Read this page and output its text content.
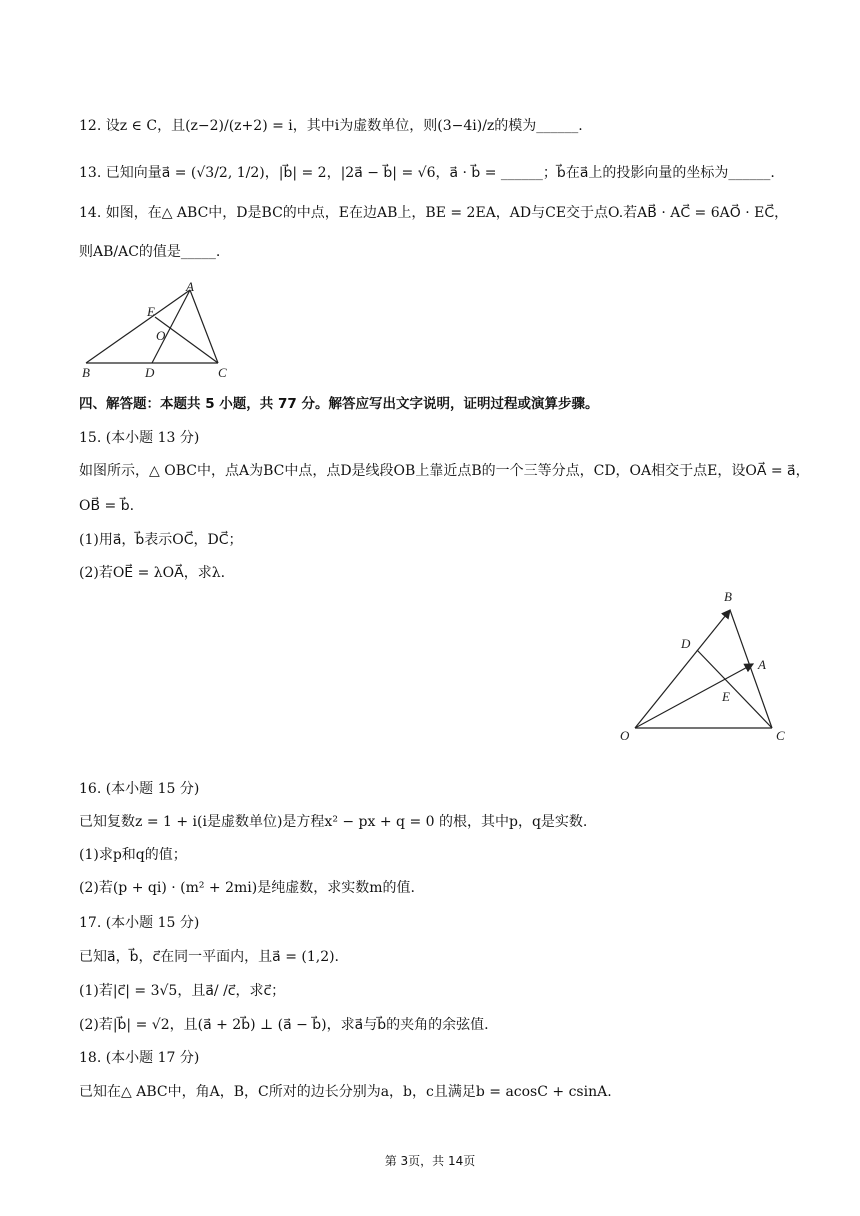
12. 设z ∈ C，且(z−2)/(z+2) = i，其中i为虚数单位，则(3−4i)/z的模为______.
13. 已知向量a⃗ = (√3/2, 1/2)，|b⃗| = 2，|2a⃗ − b⃗| = √6，a⃗ · b⃗ = ______；b⃗在a⃗上的投影向量的坐标为______.
14. 如图，在△ ABC中，D是BC的中点，E在边AB上，BE = 2EA，AD与CE交于点O.若AB⃗ · AC⃗ = 6AO⃗ · EC⃗，
则AB/AC的值是_____.
A
E
O
B	D	C
四、解答题：本题共 5 小题，共 77 分。解答应写出文字说明，证明过程或演算步骤。
15. (本小题 13 分)
如图所示，△ OBC中，点A为BC中点，点D是线段OB上靠近点B的一个三等分点，CD，OA相交于点E，设OA⃗ = a⃗，
OB⃗ = b⃗.
(1)用a⃗，b⃗表示OC⃗，DC⃗；
(2)若OE⃗ = λOA⃗，求λ.
B
D
A
E
O	C
16. (本小题 15 分)
已知复数z = 1 + i(i是虚数单位)是方程x² − px + q = 0 的根，其中p，q是实数.
(1)求p和q的值；
(2)若(p + qi) · (m² + 2mi)是纯虚数，求实数m的值.
17. (本小题 15 分)
已知a⃗，b⃗，c⃗在同一平面内，且a⃗ = (1,2).
(1)若|c⃗| = 3√5，且a⃗/ /c⃗，求c⃗；
(2)若|b⃗| = √2，且(a⃗ + 2b⃗) ⊥ (a⃗ − b⃗)，求a⃗与b⃗的夹角的余弦值.
18. (本小题 17 分)
已知在△ ABC中，角A，B，C所对的边长分别为a，b，c且满足b = acosC + csinA.
第 3页，共 14页
